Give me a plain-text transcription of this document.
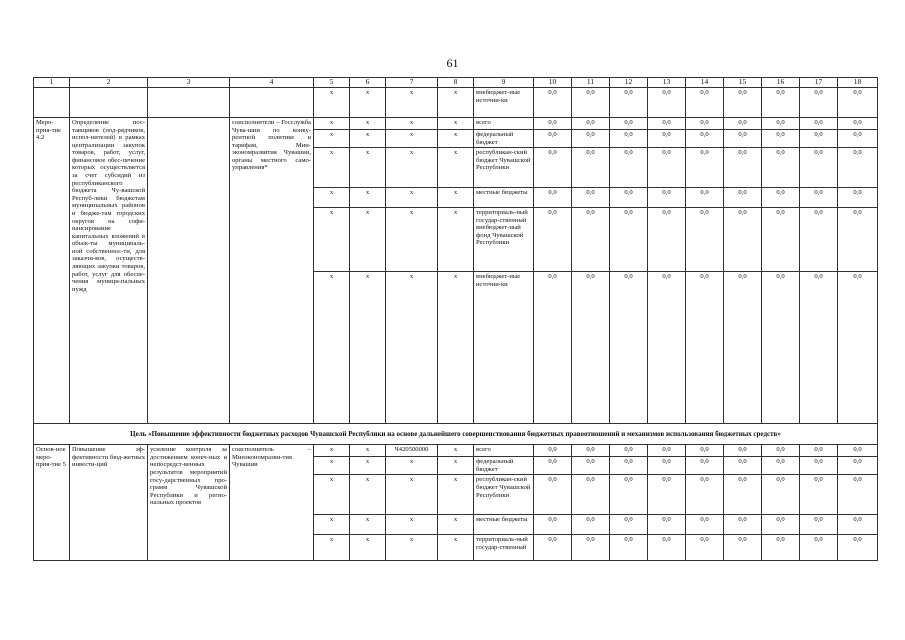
61
1	2	3	4	5	6	7	8	9	10	11	12	13	14	15	16	17	18
				x	x	x	x	внебюджет-ные источни-ки	0,0	0,0	0,0	0,0	0,0	0,0	0,0	0,0	0,0
Меро-прия-тие 4.2	Определение пос-тавщиков (под-рядчиков, испол-нителей) в рамках централизации закупок товаров, работ, услуг, финансовое обес-печение которых осуществляется за счет субсидий из республиканского бюджета Чу-вашской Респуб-лики бюджетам муниципальных районов и бюджe-там городских округов на софи-нансирование капитальных вложений в объек-ты муниципаль-ной собственнос-ти, для заказчи-ков, осуществ-ляющих закупки товаров, работ, услуг для обеспе-чения муници-пальных нужд		соисполнители – Госслужба Чува-шии по конку-рентной политике и тарифам, Мин-экономразвития Чувашии, органы местного само-управления*	x	x	x	x	всего	0,0	0,0	0,0	0,0	0,0	0,0	0,0	0,0	0,0
				x	x	x	x	федеральный бюджет	0,0	0,0	0,0	0,0	0,0	0,0	0,0	0,0	0,0
				x	x	x	x	республикан-ский бюджет Чувашской Республики	0,0	0,0	0,0	0,0	0,0	0,0	0,0	0,0	0,0
				x	x	x	x	местные бюджеты	0,0	0,0	0,0	0,0	0,0	0,0	0,0	0,0	0,0
				x	x	x	x	территориаль-ный государ-ственный внебюджет-ный фонд Чувашской Республики	0,0	0,0	0,0	0,0	0,0	0,0	0,0	0,0	0,0
				x	x	x	x	внебюджет-ные источни-ки	0,0	0,0	0,0	0,0	0,0	0,0	0,0	0,0	0,0
Цель «Повышение эффективности бюджетных расходов Чувашской Республики на основе дальнейшего совершенствования бюджетных правоотношений и механизмов использования бюджетных средств»																	
Основ-ное меро-прия-тие 5	Повышение эф-фективности бюд-жетных инвести-ций	усиление контроля за достижением конеч-ных и непосредст-венных результатов мероприятий госу-дарственных про-грамм Чувашской Республики и регио-нальных проектов	соисполнитель – Минэкономразви-тия Чувашии	x	x	Ч420500000	x	всего	0,0	0,0	0,0	0,0	0,0	0,0	0,0	0,0	0,0
				x	x	x	x	федеральный бюджет	0,0	0,0	0,0	0,0	0,0	0,0	0,0	0,0	0,0
				x	x	x	x	республикан-ский бюджет Чувашской Республики	0,0	0,0	0,0	0,0	0,0	0,0	0,0	0,0	0,0
				x	x	x	x	местные бюджеты	0,0	0,0	0,0	0,0	0,0	0,0	0,0	0,0	0,0
				x	x	x	x	территориаль-ный государ-ственный	0,0	0,0	0,0	0,0	0,0	0,0	0,0	0,0	0,0
